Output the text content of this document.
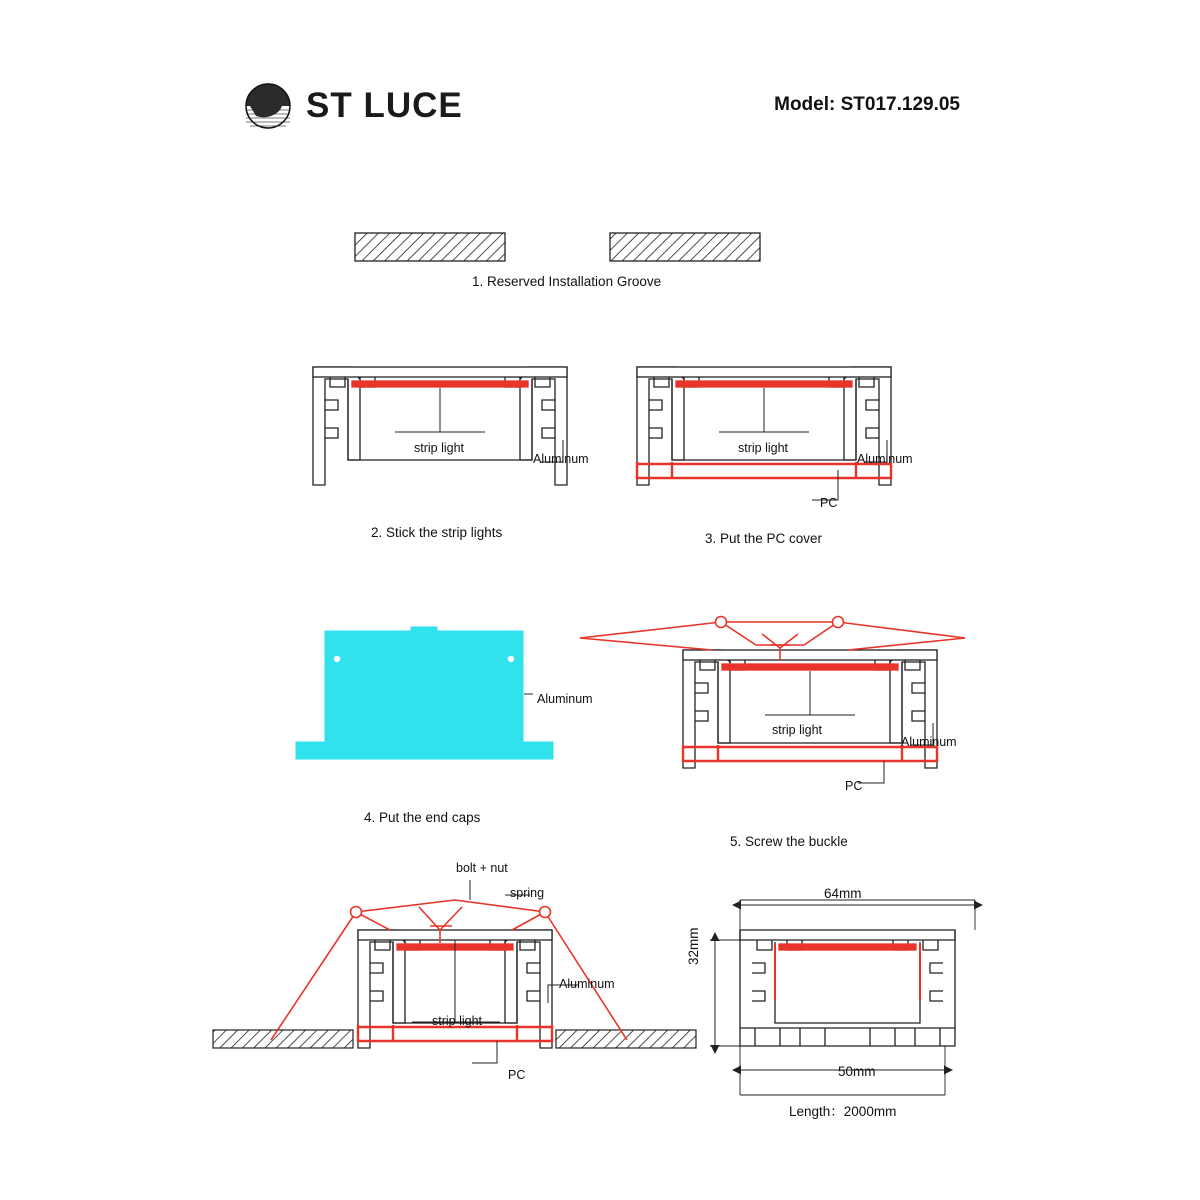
ST LUCE	Model: ST017.129.05
1. Reserved Installation Groove
strip light
Aluminum
2. Stick the strip lights
strip light
Aluminum
PC
3. Put the PC cover
Aluminum
4. Put the end caps
strip light
Aluminum
PC
5. Screw the buckle
bolt + nut
spring
strip light
Aluminum
PC
64mm
50mm
32mm
Length：2000mm
